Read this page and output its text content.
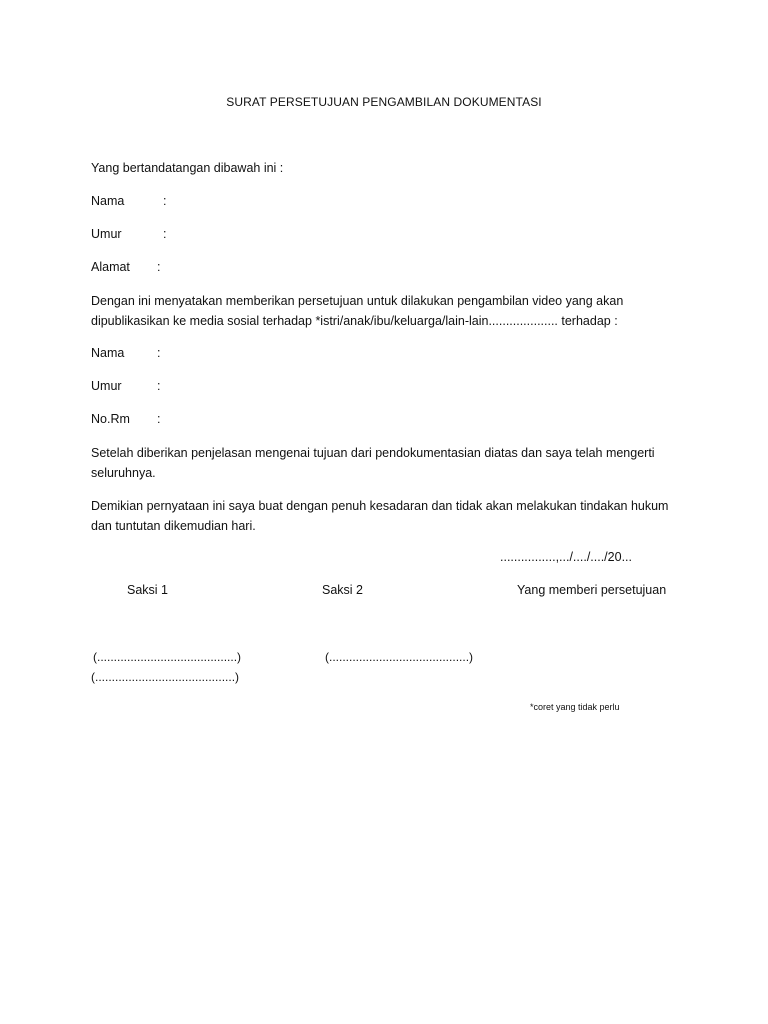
SURAT PERSETUJUAN PENGAMBILAN DOKUMENTASI
Yang bertandatangan dibawah ini :
Nama	:
Umur	:
Alamat :
Dengan ini menyatakan memberikan persetujuan untuk dilakukan pengambilan video yang akan dipublikasikan ke media sosial terhadap *istri/anak/ibu/keluarga/lain-lain.................... terhadap :
Nama	:
Umur	:
No.Rm :
Setelah diberikan penjelasan mengenai tujuan dari pendokumentasian diatas dan saya telah mengerti seluruhnya.
Demikian pernyataan ini saya buat dengan penuh kesadaran dan tidak akan melakukan tindakan hukum dan tuntutan dikemudian hari.
................,.../..../..../20...
Saksi 1	Saksi 2	Yang memberi persetujuan
(..........................................)	(..........................................)
(..........................................)
*coret yang tidak perlu
